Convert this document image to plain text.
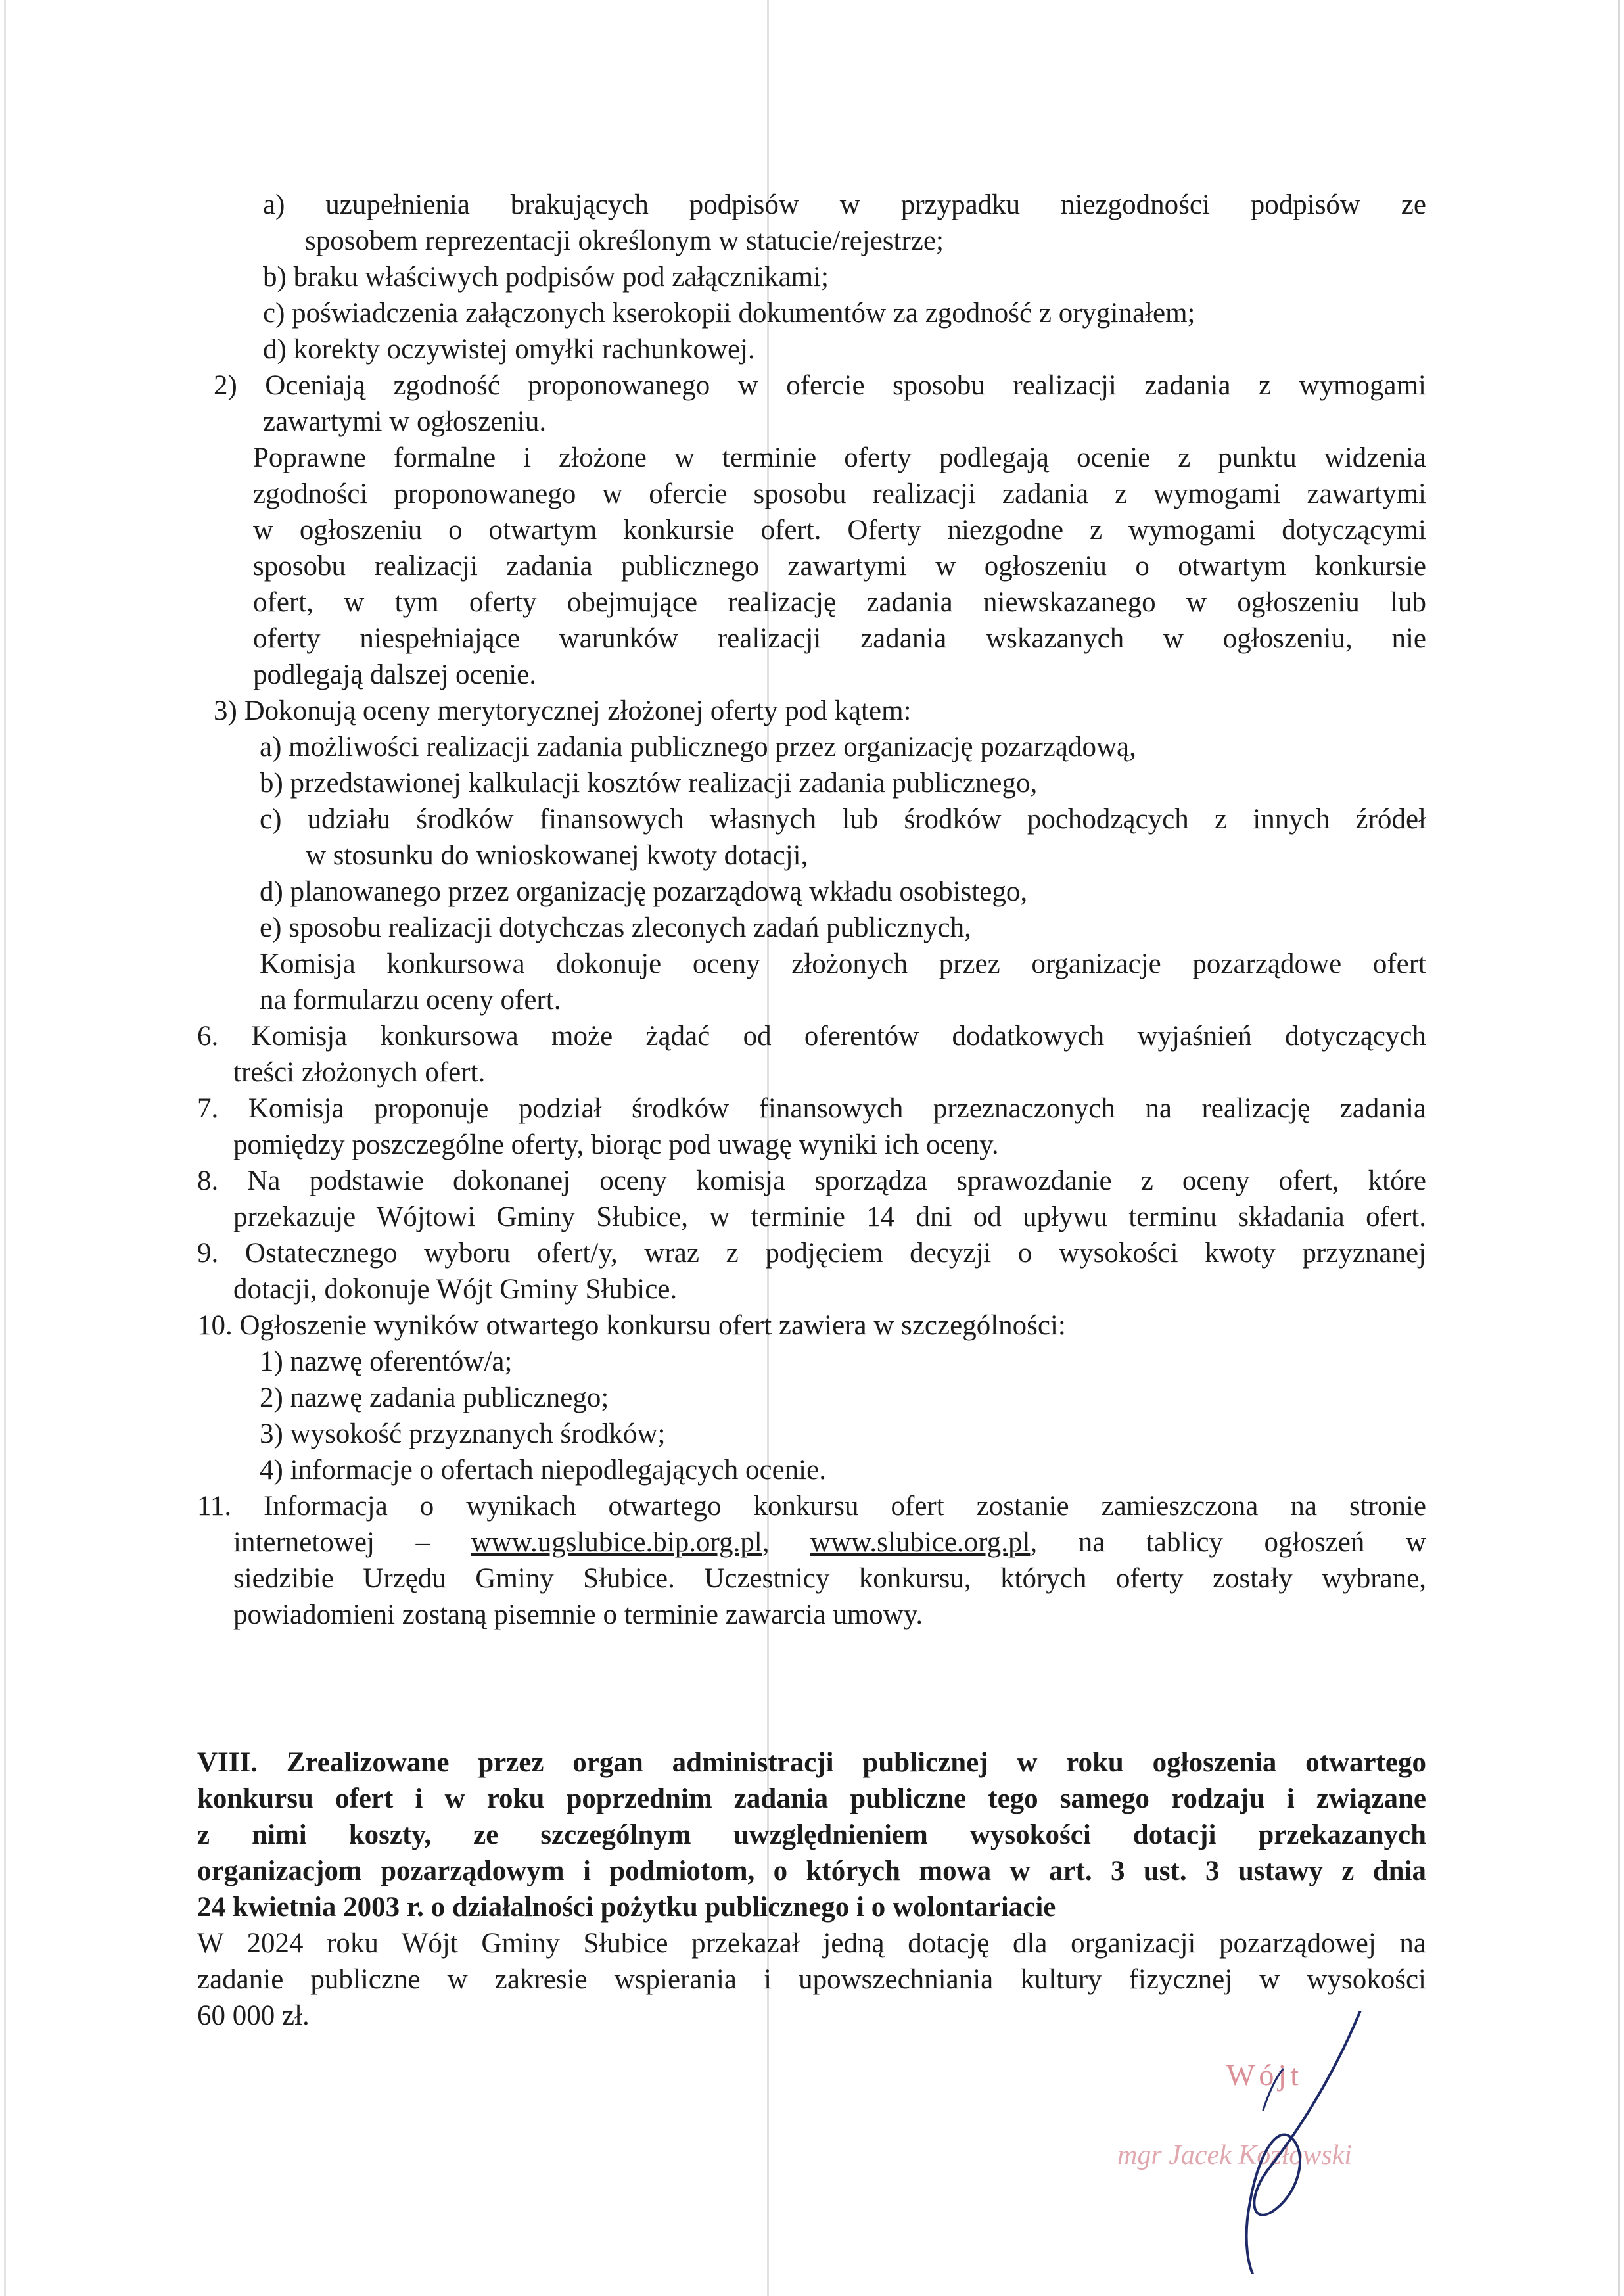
a) uzupełnienia brakujących podpisów w przypadku niezgodności podpisów ze
sposobem reprezentacji określonym w statucie/rejestrze;
b) braku właściwych podpisów pod załącznikami;
c) poświadczenia załączonych kserokopii dokumentów za zgodność z oryginałem;
d) korekty oczywistej omyłki rachunkowej.
2) Oceniają zgodność proponowanego w ofercie sposobu realizacji zadania z wymogami
zawartymi w ogłoszeniu.
Poprawne formalne i złożone w terminie oferty podlegają ocenie z punktu widzenia
zgodności proponowanego w ofercie sposobu realizacji zadania z wymogami zawartymi
w ogłoszeniu o otwartym konkursie ofert. Oferty niezgodne z wymogami dotyczącymi
sposobu realizacji zadania publicznego zawartymi w ogłoszeniu o otwartym konkursie
ofert, w tym oferty obejmujące realizację zadania niewskazanego w ogłoszeniu lub
oferty niespełniające warunków realizacji zadania wskazanych w ogłoszeniu, nie
podlegają dalszej ocenie.
3) Dokonują oceny merytorycznej złożonej oferty pod kątem:
a) możliwości realizacji zadania publicznego przez organizację pozarządową,
b) przedstawionej kalkulacji kosztów realizacji zadania publicznego,
c) udziału środków finansowych własnych lub środków pochodzących z innych źródeł
w stosunku do wnioskowanej kwoty dotacji,
d) planowanego przez organizację pozarządową wkładu osobistego,
e) sposobu realizacji dotychczas zleconych zadań publicznych,
Komisja konkursowa dokonuje oceny złożonych przez organizacje pozarządowe ofert
na formularzu oceny ofert.
6. Komisja konkursowa może żądać od oferentów dodatkowych wyjaśnień dotyczących
treści złożonych ofert.
7. Komisja proponuje podział środków finansowych przeznaczonych na realizację zadania
pomiędzy poszczególne oferty, biorąc pod uwagę wyniki ich oceny.
8. Na podstawie dokonanej oceny komisja sporządza sprawozdanie z oceny ofert, które
przekazuje Wójtowi Gminy Słubice, w terminie 14 dni od upływu terminu składania ofert.
9. Ostatecznego wyboru ofert/y, wraz z podjęciem decyzji o wysokości kwoty przyznanej
dotacji, dokonuje Wójt Gminy Słubice.
10. Ogłoszenie wyników otwartego konkursu ofert zawiera w szczególności:
1) nazwę oferentów/a;
2) nazwę zadania publicznego;
3) wysokość przyznanych środków;
4) informacje o ofertach niepodlegających ocenie.
11. Informacja o wynikach otwartego konkursu ofert zostanie zamieszczona na stronie
internetowej – www.ugslubice.bip.org.pl, www.slubice.org.pl, na tablicy ogłoszeń w
siedzibie Urzędu Gminy Słubice. Uczestnicy konkursu, których oferty zostały wybrane,
powiadomieni zostaną pisemnie o terminie zawarcia umowy.
VIII. Zrealizowane przez organ administracji publicznej w roku ogłoszenia otwartego
konkursu ofert i w roku poprzednim zadania publiczne tego samego rodzaju i związane
z nimi koszty, ze szczególnym uwzględnieniem wysokości dotacji przekazanych
organizacjom pozarządowym i podmiotom, o których mowa w art. 3 ust. 3 ustawy z dnia
24 kwietnia 2003 r. o działalności pożytku publicznego i o wolontariacie
W 2024 roku Wójt Gminy Słubice przekazał jedną dotację dla organizacji pozarządowej na
zadanie publiczne w zakresie wspierania i upowszechniania kultury fizycznej w wysokości
60 000 zł.
Wójt
mgr Jacek Kozłowski
